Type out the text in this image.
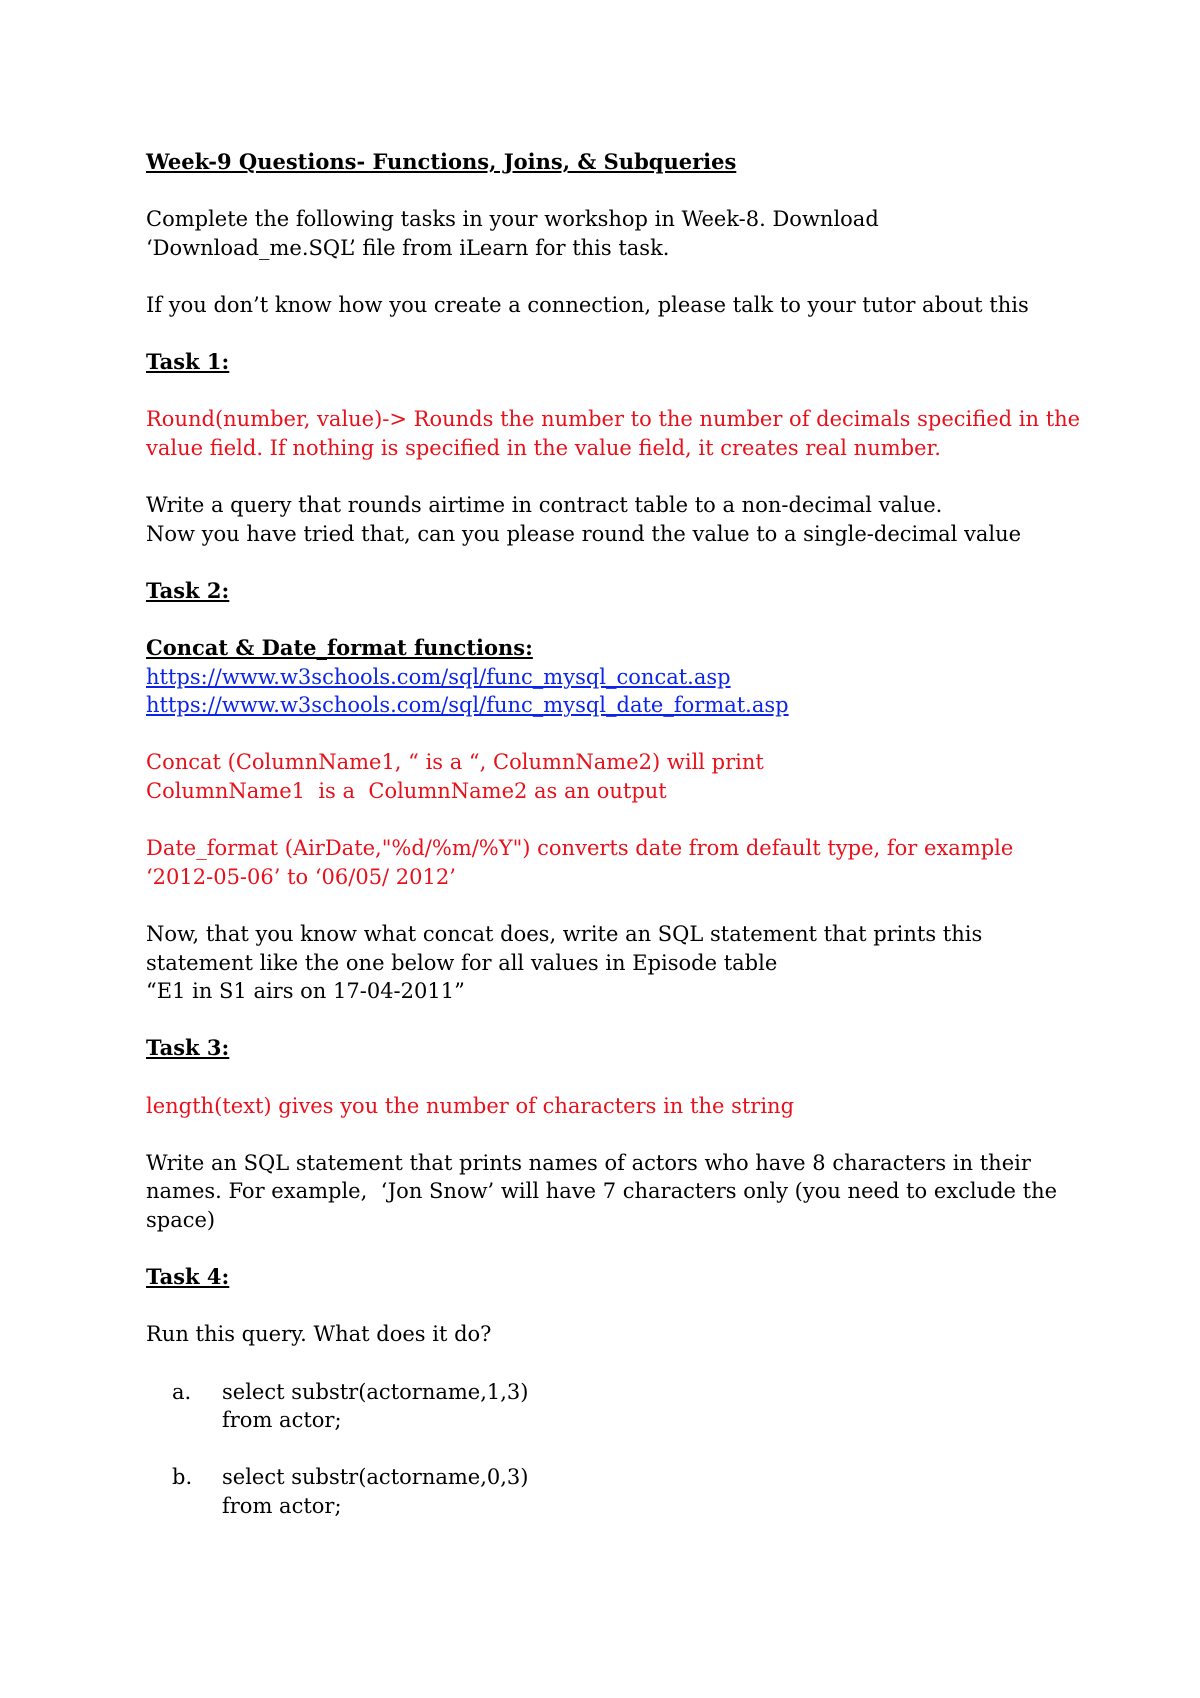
Week-9 Questions- Functions, Joins, & Subqueries

Complete the following tasks in your workshop in Week-8. Download

‘Download_me.SQL’ file from iLearn for this task.

If you don’t know how you create a connection, please talk to your tutor about this

Task 1:

Round(number, value)-> Rounds the number to the number of decimals specified in the

value field. If nothing is specified in the value field, it creates real number.

Write a query that rounds airtime in contract table to a non-decimal value.

Now you have tried that, can you please round the value to a single-decimal value

Task 2:

Concat & Date_format functions:

https://www.w3schools.com/sql/func_mysql_concat.asp

https://www.w3schools.com/sql/func_mysql_date_format.asp

Concat (ColumnName1, “ is a “, ColumnName2) will print

ColumnName1  is a  ColumnName2 as an output

Date_format (AirDate,"%d/%m/%Y") converts date from default type, for example

‘2012-05-06’ to ‘06/05/ 2012’

Now, that you know what concat does, write an SQL statement that prints this

statement like the one below for all values in Episode table

“E1 in S1 airs on 17-04-2011”

Task 3:

length(text) gives you the number of characters in the string

Write an SQL statement that prints names of actors who have 8 characters in their

names. For example,  ‘Jon Snow’ will have 7 characters only (you need to exclude the

space)

Task 4:

Run this query. What does it do?

a.	select substr(actorname,1,3)
from actor;
b.	select substr(actorname,0,3)
from actor;
